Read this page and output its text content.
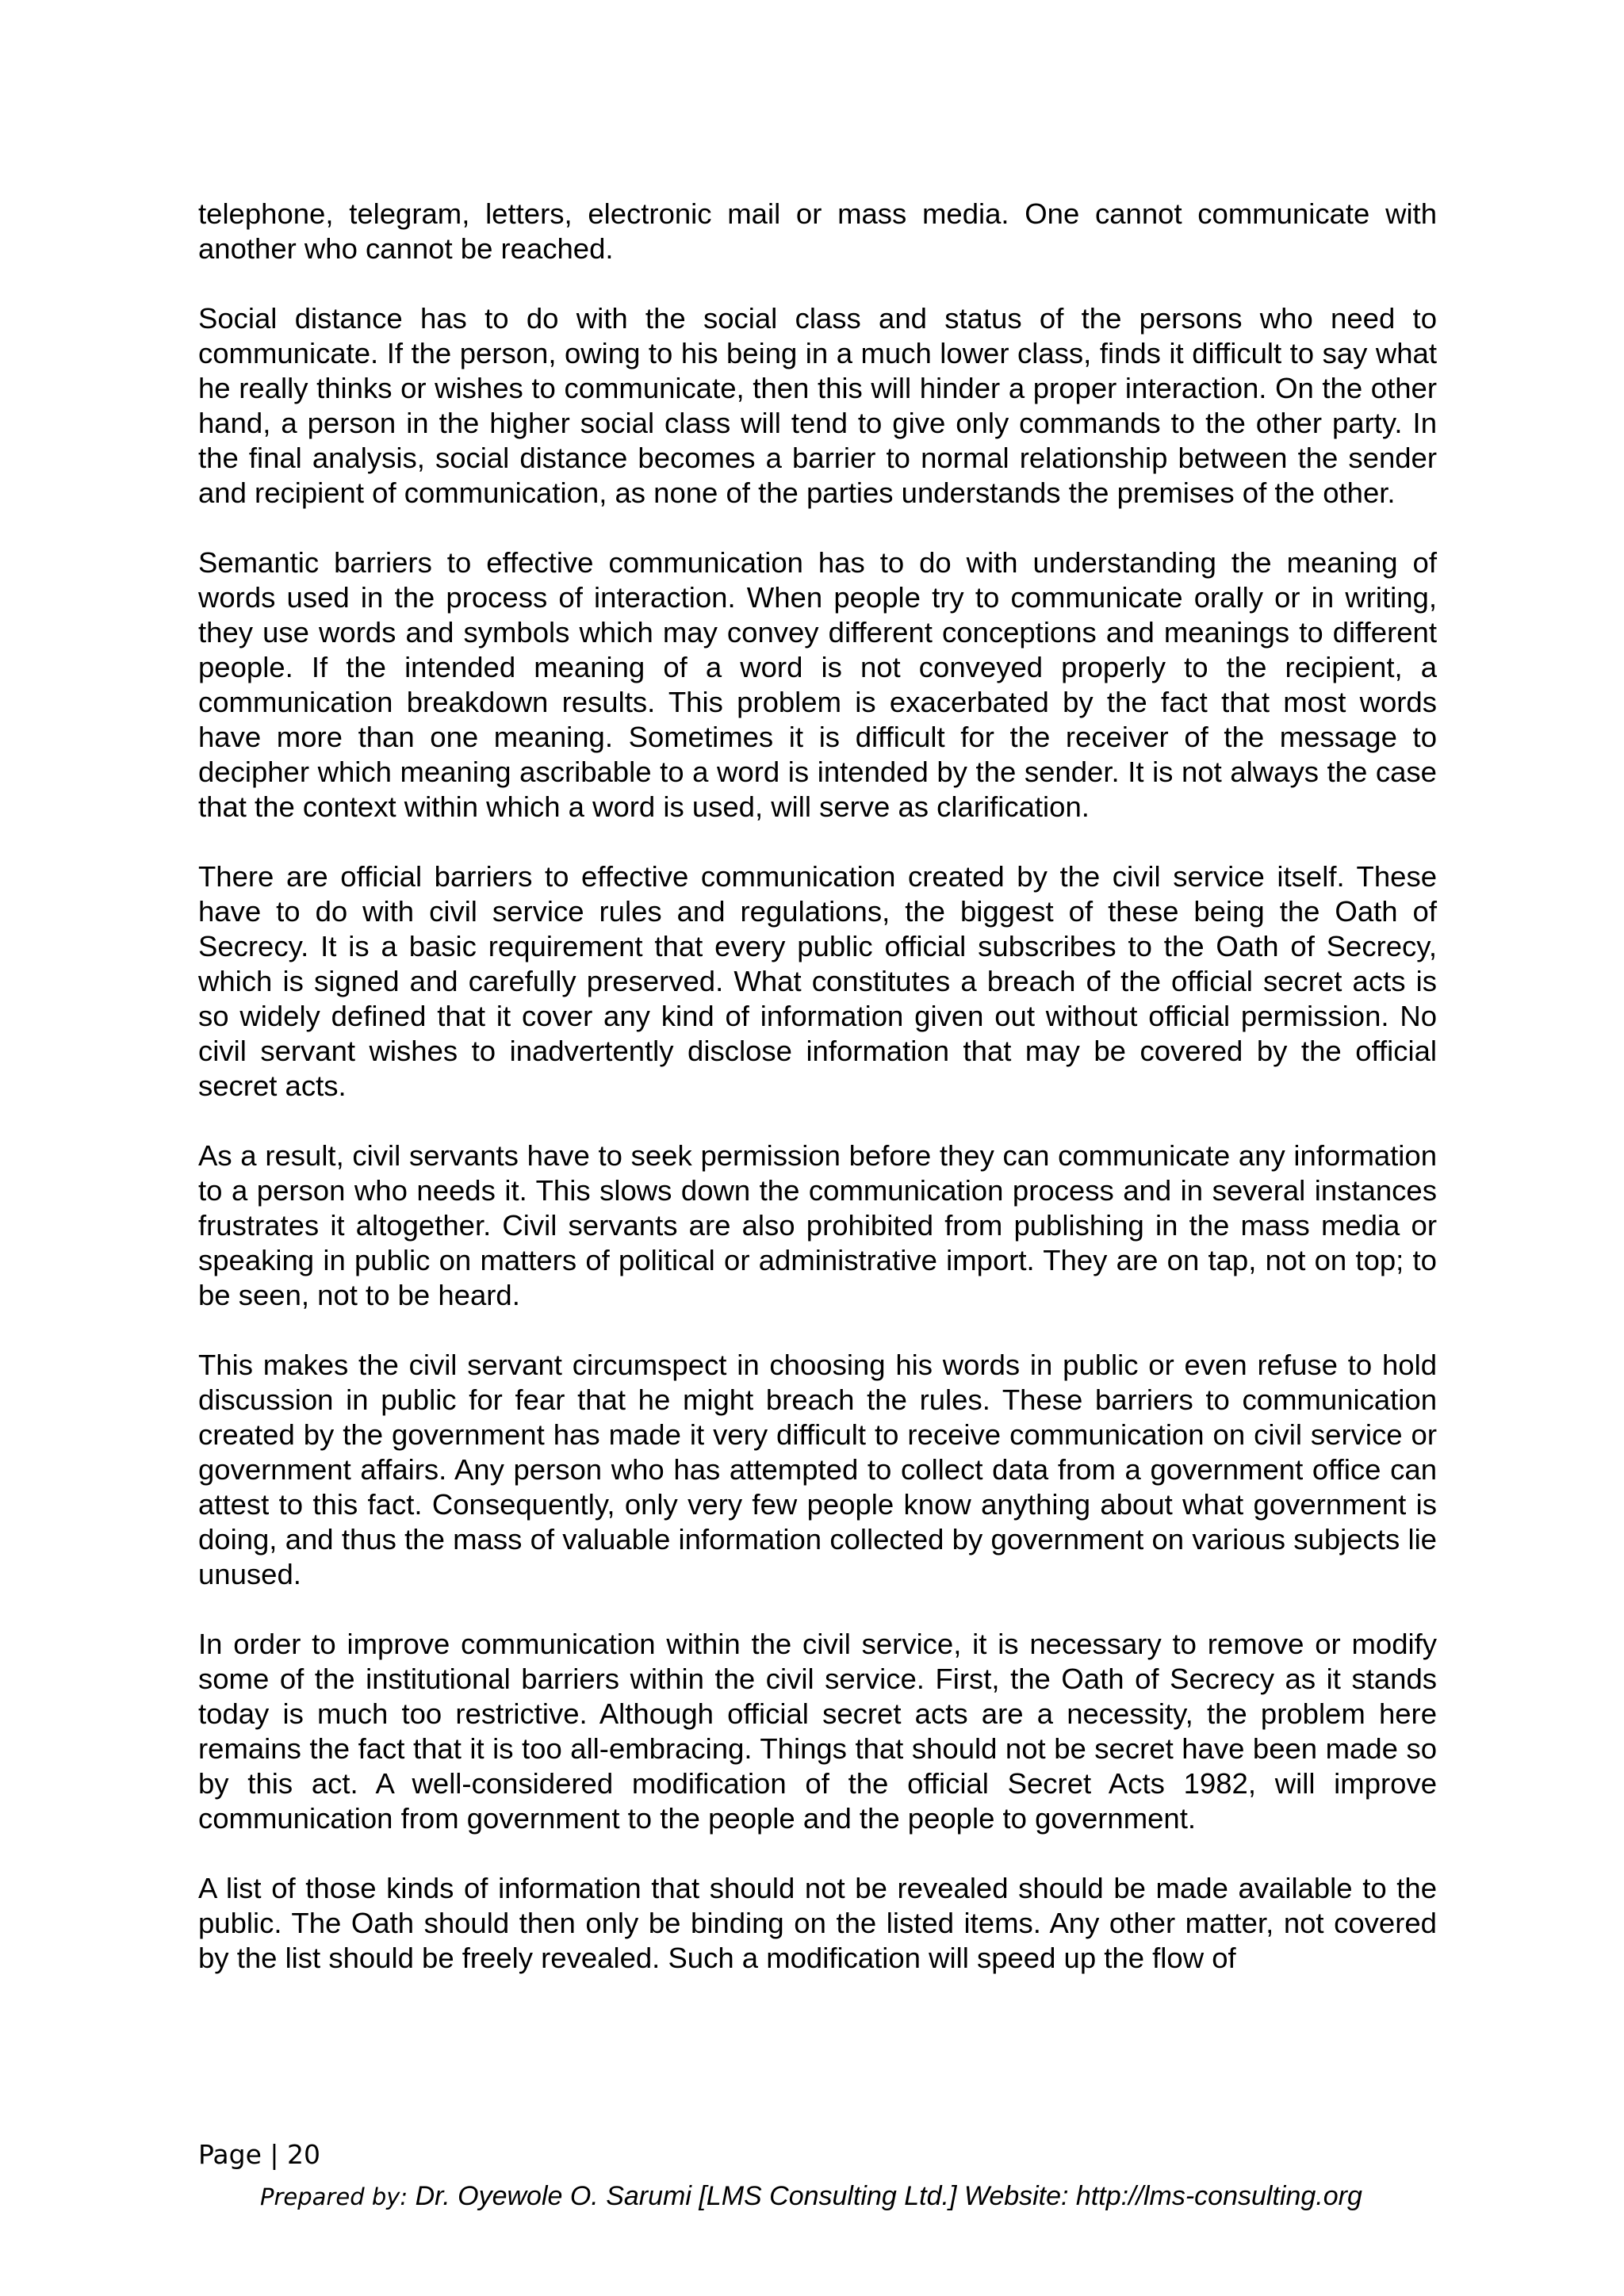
telephone, telegram, letters, electronic mail or mass media. One cannot communicate with another who cannot be reached.

Social distance has to do with the social class and status of the persons who need to communicate. If the person, owing to his being in a much lower class, finds it difficult to say what he really thinks or wishes to communicate, then this will hinder a proper interaction. On the other hand, a person in the higher social class will tend to give only commands to the other party. In the final analysis, social distance becomes a barrier to normal relationship between the sender and recipient of communication, as none of the parties understands the premises of the other.

Semantic barriers to effective communication has to do with understanding the meaning of words used in the process of interaction. When people try to communicate orally or in writing, they use words and symbols which may convey different conceptions and meanings to different people. If the intended meaning of a word is not conveyed properly to the recipient, a communication breakdown results. This problem is exacerbated by the fact that most words have more than one meaning. Sometimes it is difficult for the receiver of the message to decipher which meaning ascribable to a word is intended by the sender. It is not always the case that the context within which a word is used, will serve as clarification.

There are official barriers to effective communication created by the civil service itself. These have to do with civil service rules and regulations, the biggest of these being the Oath of Secrecy. It is a basic requirement that every public official subscribes to the Oath of Secrecy, which is signed and carefully preserved. What constitutes a breach of the official secret acts is so widely defined that it cover any kind of information given out without official permission. No civil servant wishes to inadvertently disclose information that may be covered by the official secret acts.

As a result, civil servants have to seek permission before they can communicate any information to a person who needs it. This slows down the communication process and in several instances frustrates it altogether. Civil servants are also prohibited from publishing in the mass media or speaking in public on matters of political or administrative import. They are on tap, not on top; to be seen, not to be heard.

This makes the civil servant circumspect in choosing his words in public or even refuse to hold discussion in public for fear that he might breach the rules. These barriers to communication created by the government has made it very difficult to receive communication on civil service or government affairs. Any person who has attempted to collect data from a government office can attest to this fact. Consequently, only very few people know anything about what government is doing, and thus the mass of valuable information collected by government on various subjects lie unused.

In order to improve communication within the civil service, it is necessary to remove or modify some of the institutional barriers within the civil service. First, the Oath of Secrecy as it stands today is much too restrictive. Although official secret acts are a necessity, the problem here remains the fact that it is too all-embracing. Things that should not be secret have been made so by this act. A well-considered modification of the official Secret Acts 1982, will improve communication from government to the people and the people to government.

A list of those kinds of information that should not be revealed should be made available to the public. The Oath should then only be binding on the listed items. Any other matter, not covered by the list should be freely revealed. Such a modification will speed up the flow of

Page | 20
Prepared by: Dr. Oyewole O. Sarumi [LMS Consulting Ltd.] Website: http://lms-consulting.org
